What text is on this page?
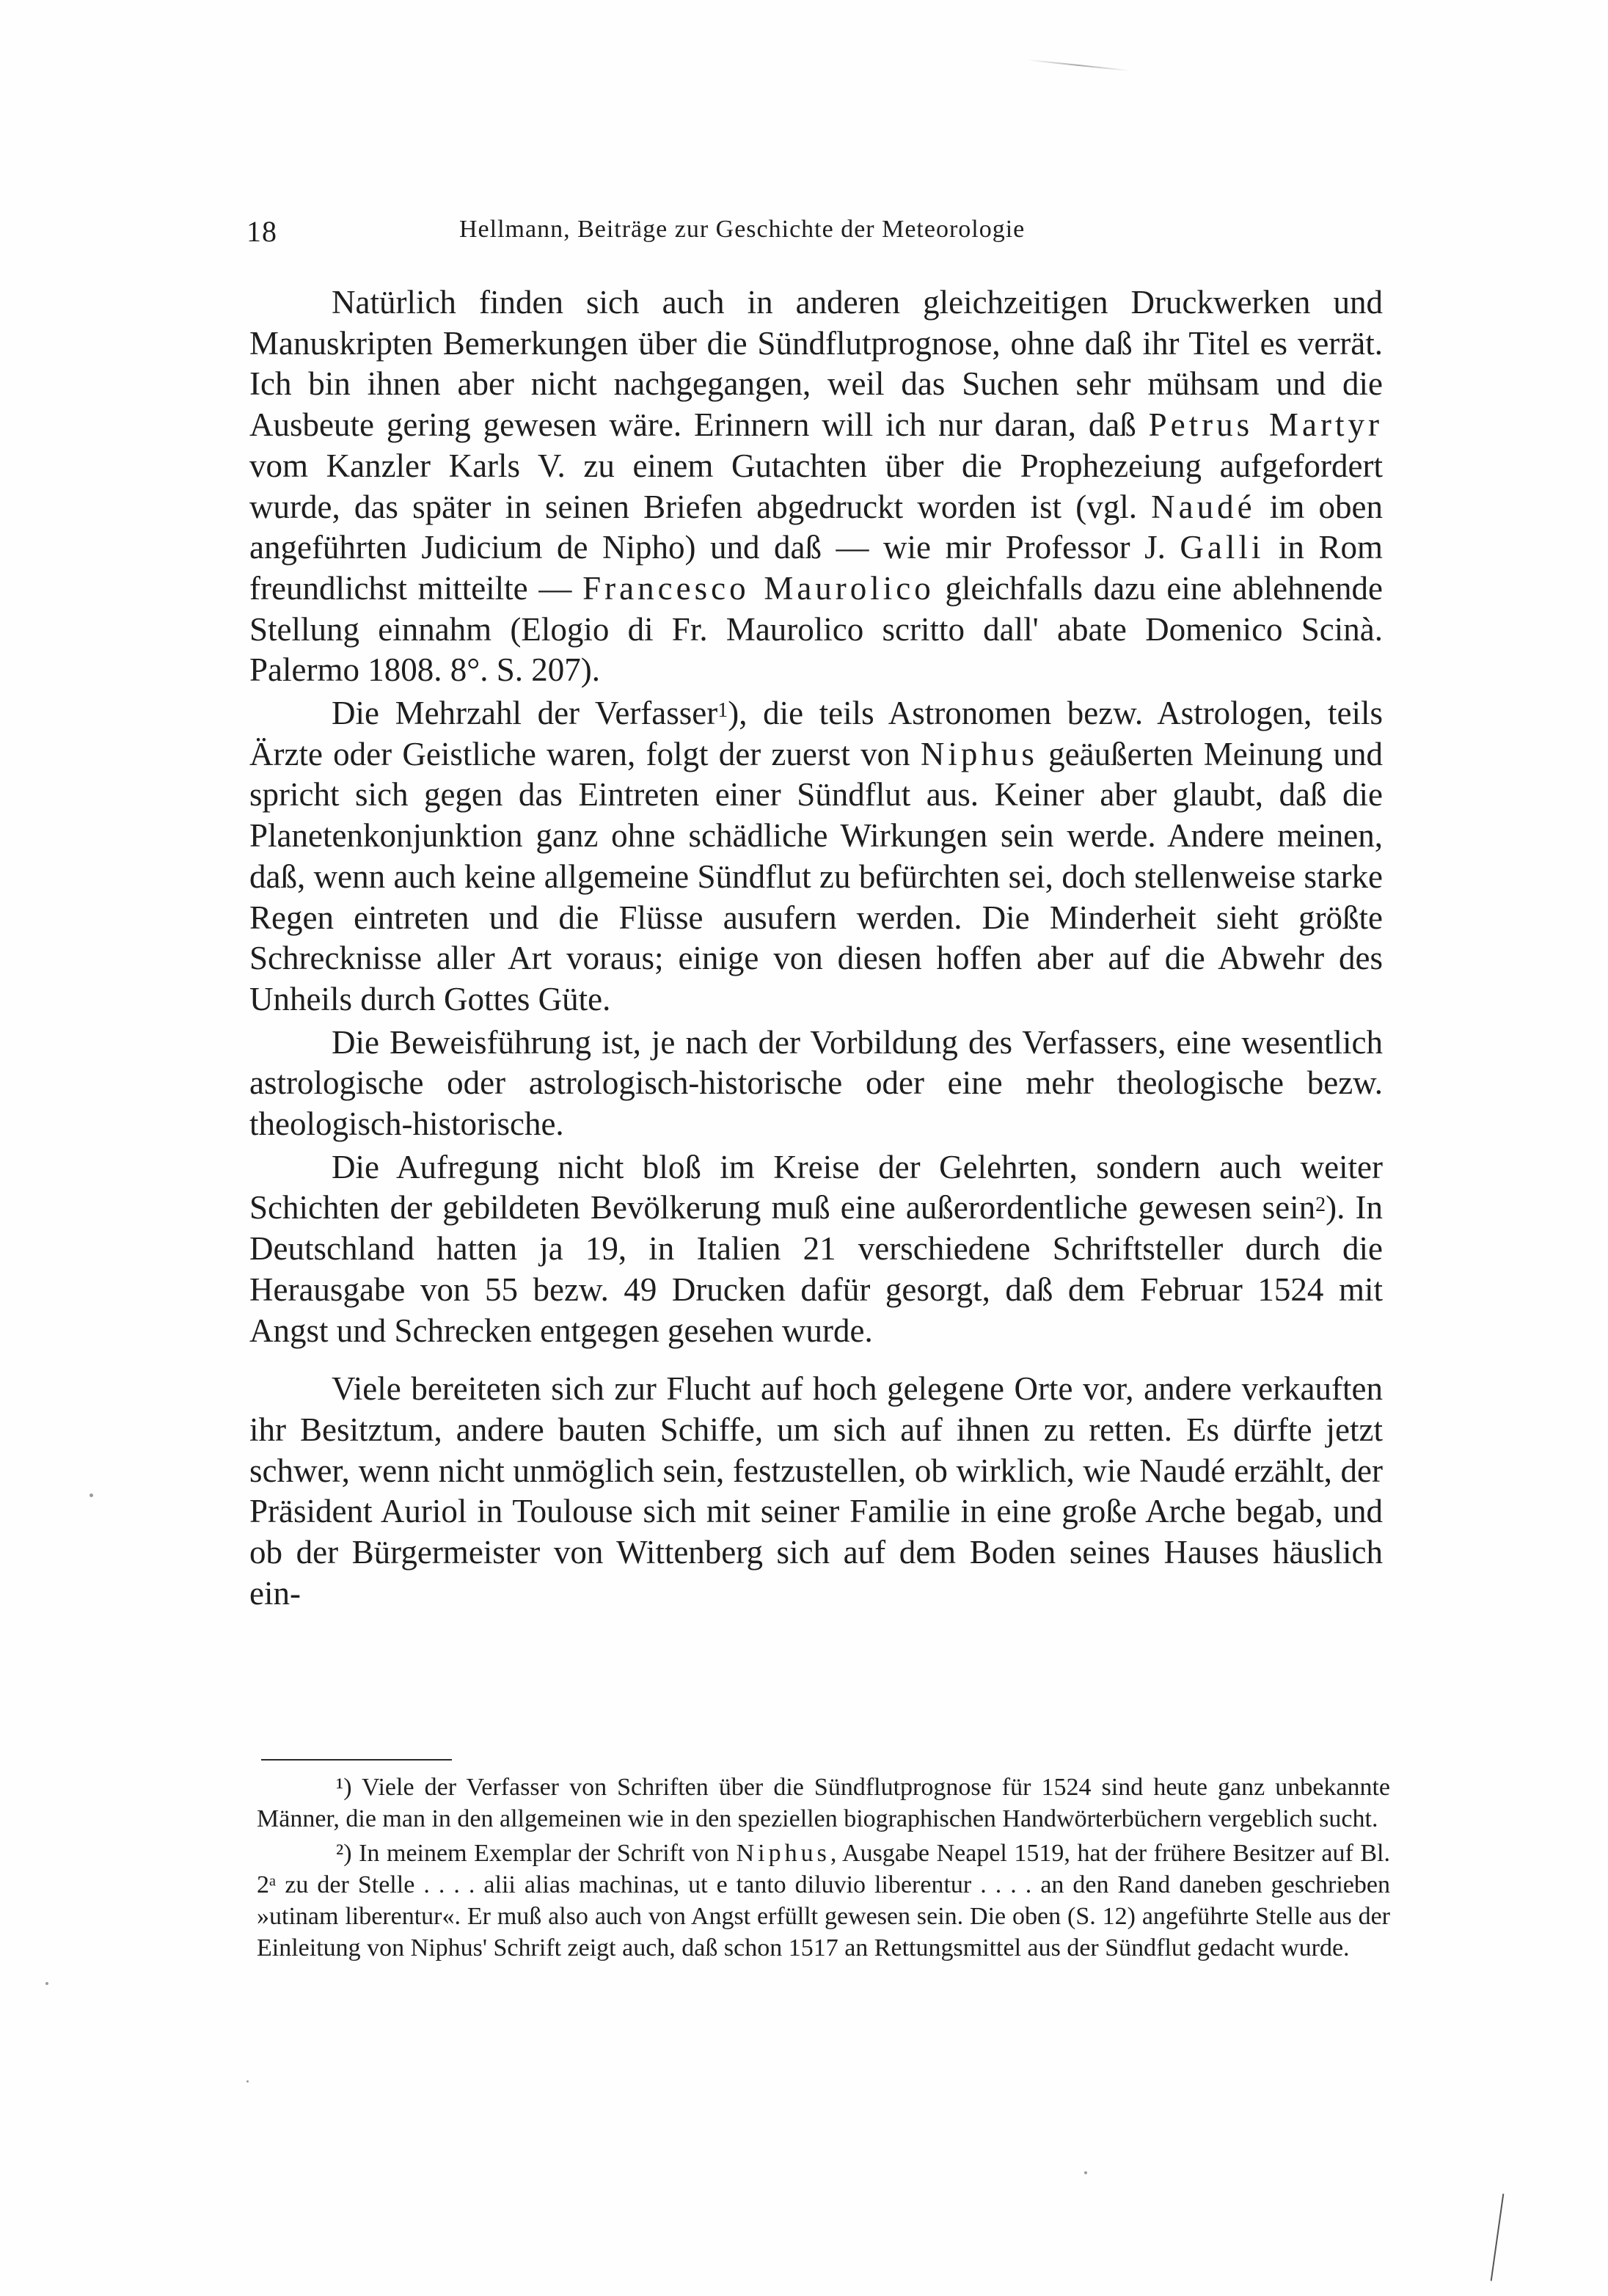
18	Hellmann, Beiträge zur Geschichte der Meteorologie

Natürlich finden sich auch in anderen gleichzeitigen Druckwerken und Manuskripten Bemerkungen über die Sündflutprognose, ohne daß ihr Titel es verrät. Ich bin ihnen aber nicht nachgegangen, weil das Suchen sehr mühsam und die Ausbeute gering gewesen wäre. Erinnern will ich nur daran, daß Petrus Martyr vom Kanzler Karls V. zu einem Gutachten über die Prophezeiung aufgefordert wurde, das später in seinen Briefen abgedruckt worden ist (vgl. Naudé im oben angeführten Judicium de Nipho) und daß — wie mir Professor J. Galli in Rom freundlichst mitteilte — Francesco Maurolico gleichfalls dazu eine ablehnende Stellung einnahm (Elogio di Fr. Maurolico scritto dall' abate Domenico Scinà. Palermo 1808. 8°. S. 207).

Die Mehrzahl der Verfasser$^1$), die teils Astronomen bezw. Astrologen, teils Ärzte oder Geistliche waren, folgt der zuerst von Niphus geäußerten Meinung und spricht sich gegen das Eintreten einer Sündflut aus. Keiner aber glaubt, daß die Planetenkonjunktion ganz ohne schädliche Wirkungen sein werde. Andere meinen, daß, wenn auch keine allgemeine Sündflut zu befürchten sei, doch stellenweise starke Regen eintreten und die Flüsse ausufern werden. Die Minderheit sieht größte Schrecknisse aller Art voraus; einige von diesen hoffen aber auf die Abwehr des Unheils durch Gottes Güte.

Die Beweisführung ist, je nach der Vorbildung des Verfassers, eine wesentlich astrologische oder astrologisch-historische oder eine mehr theologische bezw. theologisch-historische.

Die Aufregung nicht bloß im Kreise der Gelehrten, sondern auch weiter Schichten der gebildeten Bevölkerung muß eine außerordentliche gewesen sein$^2$). In Deutschland hatten ja 19, in Italien 21 verschiedene Schriftsteller durch die Herausgabe von 55 bezw. 49 Drucken dafür gesorgt, daß dem Februar 1524 mit Angst und Schrecken entgegen gesehen wurde.

Viele bereiteten sich zur Flucht auf hoch gelegene Orte vor, andere verkauften ihr Besitztum, andere bauten Schiffe, um sich auf ihnen zu retten. Es dürfte jetzt schwer, wenn nicht unmöglich sein, festzustellen, ob wirklich, wie Naudé erzählt, der Präsident Auriol in Toulouse sich mit seiner Familie in eine große Arche begab, und ob der Bürgermeister von Wittenberg sich auf dem Boden seines Hauses häuslich ein-

¹) Viele der Verfasser von Schriften über die Sündflutprognose für 1524 sind heute ganz unbekannte Männer, die man in den allgemeinen wie in den speziellen biographischen Handwörterbüchern vergeblich sucht.

²) In meinem Exemplar der Schrift von Niphus, Ausgabe Neapel 1519, hat der frühere Besitzer auf Bl. 2ᵃ zu der Stelle . . . . alii alias machinas, ut e tanto diluvio liberentur . . . . an den Rand daneben geschrieben »utinam liberentur«. Er muß also auch von Angst erfüllt gewesen sein. Die oben (S. 12) angeführte Stelle aus der Einleitung von Niphus' Schrift zeigt auch, daß schon 1517 an Rettungsmittel aus der Sündflut gedacht wurde.
